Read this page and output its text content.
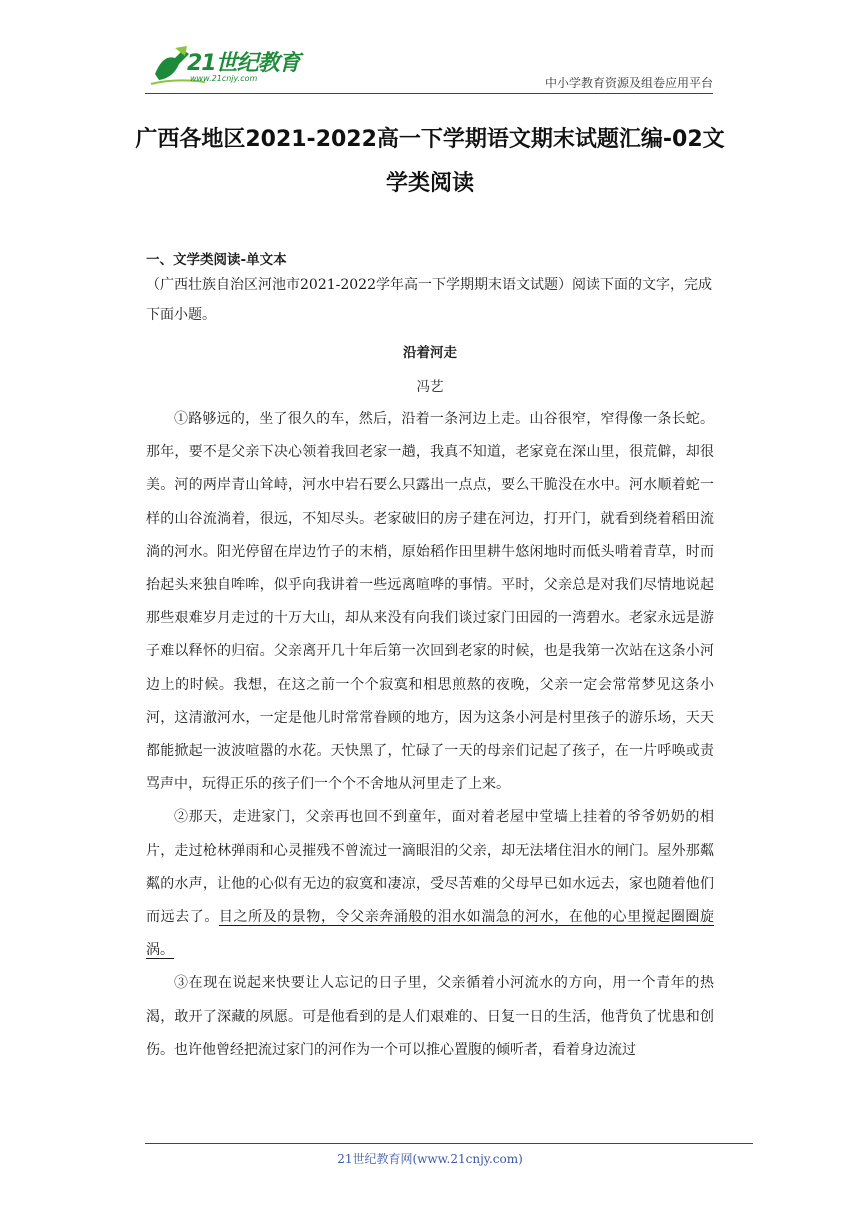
21世纪教育
www.21cnjy.com	中小学教育资源及组卷应用平台
广西各地区2021-2022高一下学期语文期末试题汇编-02文学类阅读
一、文学类阅读-单文本
（广西壮族自治区河池市2021-2022学年高一下学期期末语文试题）阅读下面的文字，完成下面小题。
沿着河走
冯艺

①路够远的，坐了很久的车，然后，沿着一条河边上走。山谷很窄，窄得像一条长蛇。那年，要不是父亲下决心领着我回老家一趟，我真不知道，老家竟在深山里，很荒僻，却很美。河的两岸青山耸峙，河水中岩石要么只露出一点点，要么干脆没在水中。河水顺着蛇一样的山谷流淌着，很远，不知尽头。老家破旧的房子建在河边，打开门，就看到绕着稻田流淌的河水。阳光停留在岸边竹子的末梢，原始稻作田里耕牛悠闲地时而低头啃着青草，时而抬起头来独自哞哞，似乎向我讲着一些远离喧哗的事情。平时，父亲总是对我们尽情地说起那些艰难岁月走过的十万大山，却从来没有向我们谈过家门田园的一湾碧水。老家永远是游子难以释怀的归宿。父亲离开几十年后第一次回到老家的时候，也是我第一次站在这条小河边上的时候。我想，在这之前一个个寂寞和相思煎熬的夜晚，父亲一定会常常梦见这条小河，这清澈河水，一定是他儿时常常眷顾的地方，因为这条小河是村里孩子的游乐场，天天都能掀起一波波喧嚣的水花。天快黑了，忙碌了一天的母亲们记起了孩子，在一片呼唤或责骂声中，玩得正乐的孩子们一个个不舍地从河里走了上来。

②那天，走进家门，父亲再也回不到童年，面对着老屋中堂墙上挂着的爷爷奶奶的相片，走过枪林弹雨和心灵摧残不曾流过一滴眼泪的父亲，却无法堵住泪水的闸门。屋外那粼粼的水声，让他的心似有无边的寂寞和凄凉，受尽苦难的父母早已如水远去，家也随着他们而远去了。目之所及的景物，令父亲奔涌般的泪水如湍急的河水，在他的心里搅起圈圈旋涡。

③在现在说起来快要让人忘记的日子里，父亲循着小河流水的方向，用一个青年的热渴，敢开了深藏的夙愿。可是他看到的是人们艰难的、日复一日的生活，他背负了忧患和创伤。也许他曾经把流过家门的河作为一个可以推心置腹的倾听者，看着身边流过

21世纪教育网(www.21cnjy.com)
